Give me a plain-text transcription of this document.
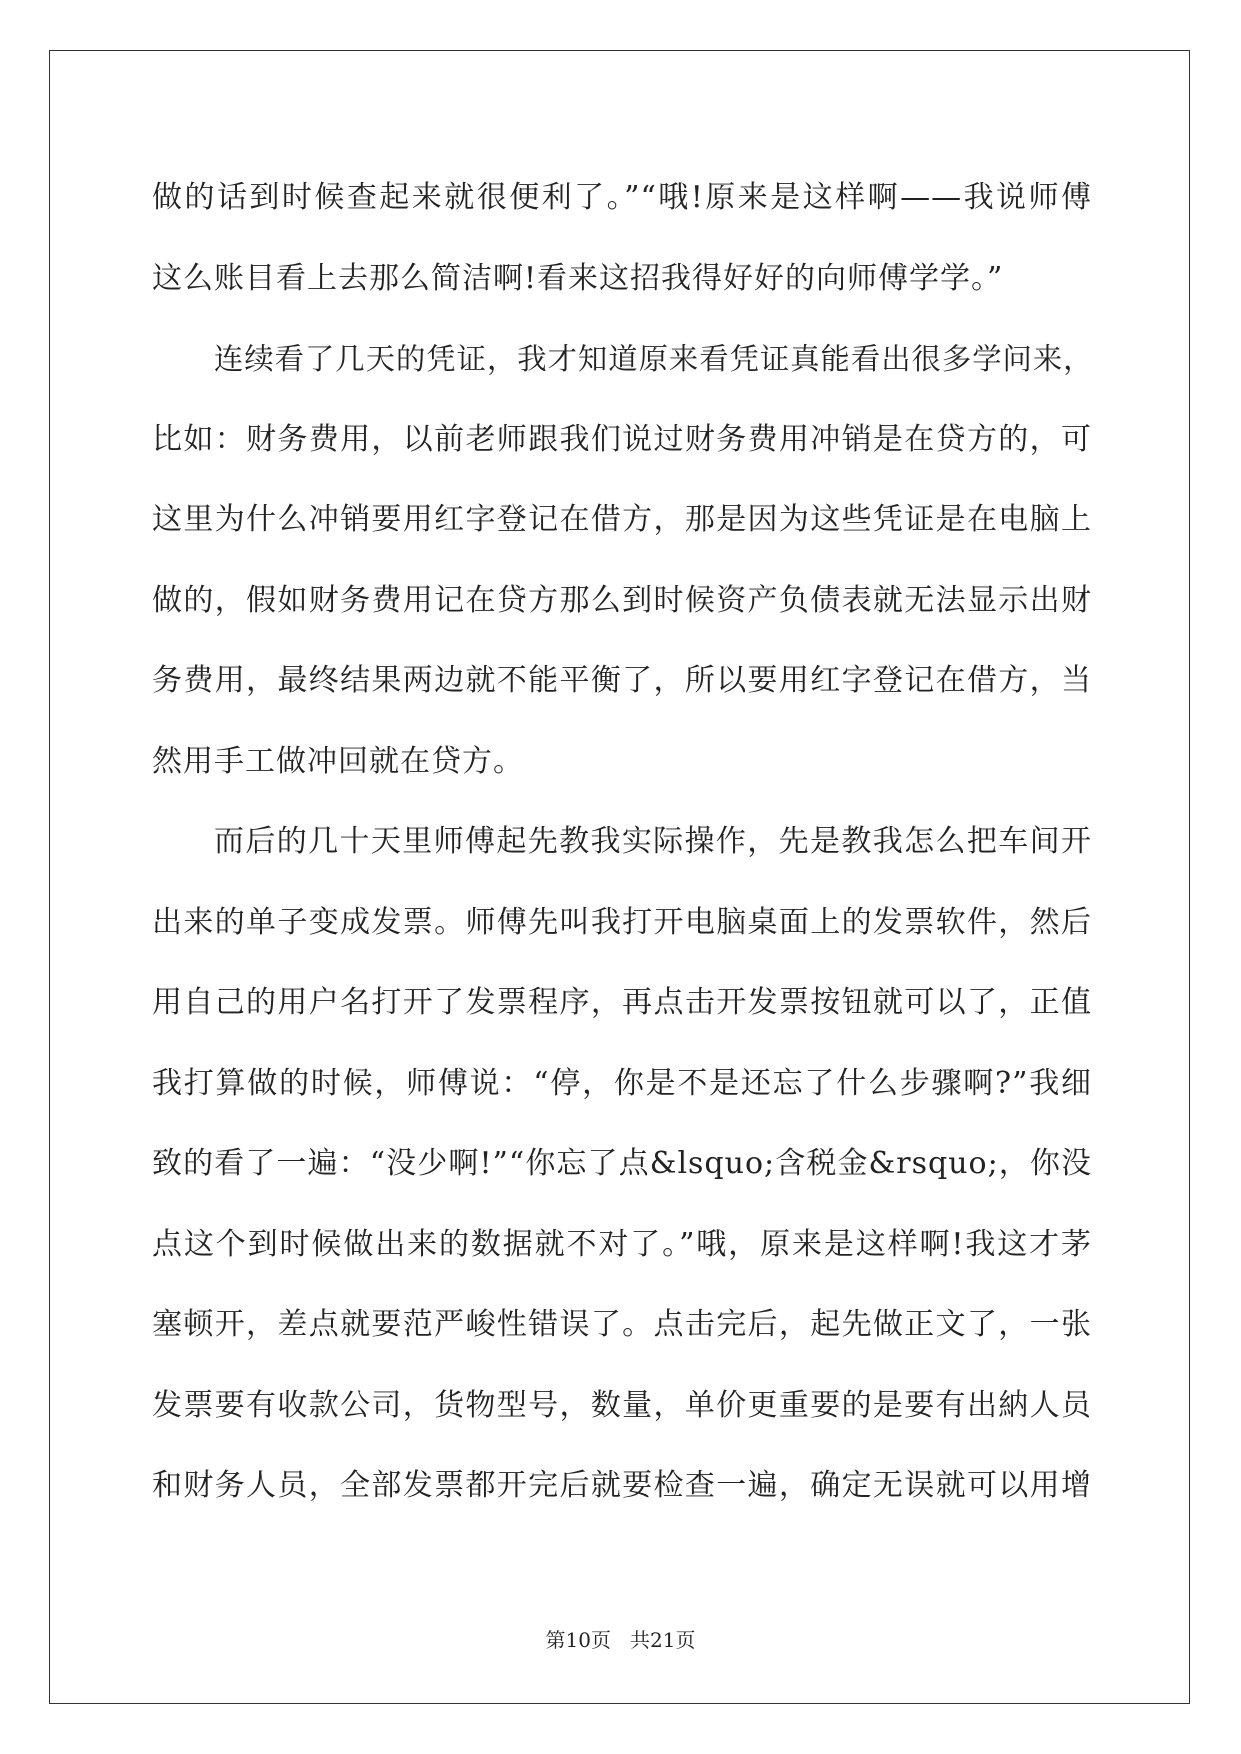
做的话到时候查起来就很便利了。”“哦!原来是这样啊——我说师傅
这么账目看上去那么简洁啊!看来这招我得好好的向师傅学学。”
连续看了几天的凭证，我才知道原来看凭证真能看出很多学问来，
比如：财务费用，以前老师跟我们说过财务费用冲销是在贷方的，可
这里为什么冲销要用红字登记在借方，那是因为这些凭证是在电脑上
做的，假如财务费用记在贷方那么到时候资产负债表就无法显示出财
务费用，最终结果两边就不能平衡了，所以要用红字登记在借方，当
然用手工做冲回就在贷方。
而后的几十天里师傅起先教我实际操作，先是教我怎么把车间开
出来的单子变成发票。师傅先叫我打开电脑桌面上的发票软件，然后
用自己的用户名打开了发票程序，再点击开发票按钮就可以了，正值
我打算做的时候，师傅说：“停，你是不是还忘了什么步骤啊?”我细
致的看了一遍：“没少啊!”“你忘了点&lsquo;含税金&rsquo;，你没
点这个到时候做出来的数据就不对了。”哦，原来是这样啊!我这才茅
塞顿开，差点就要范严峻性错误了。点击完后，起先做正文了，一张
发票要有收款公司，货物型号，数量，单价更重要的是要有出納人员
和财务人员，全部发票都开完后就要检查一遍，确定无误就可以用增
第10页 共21页
